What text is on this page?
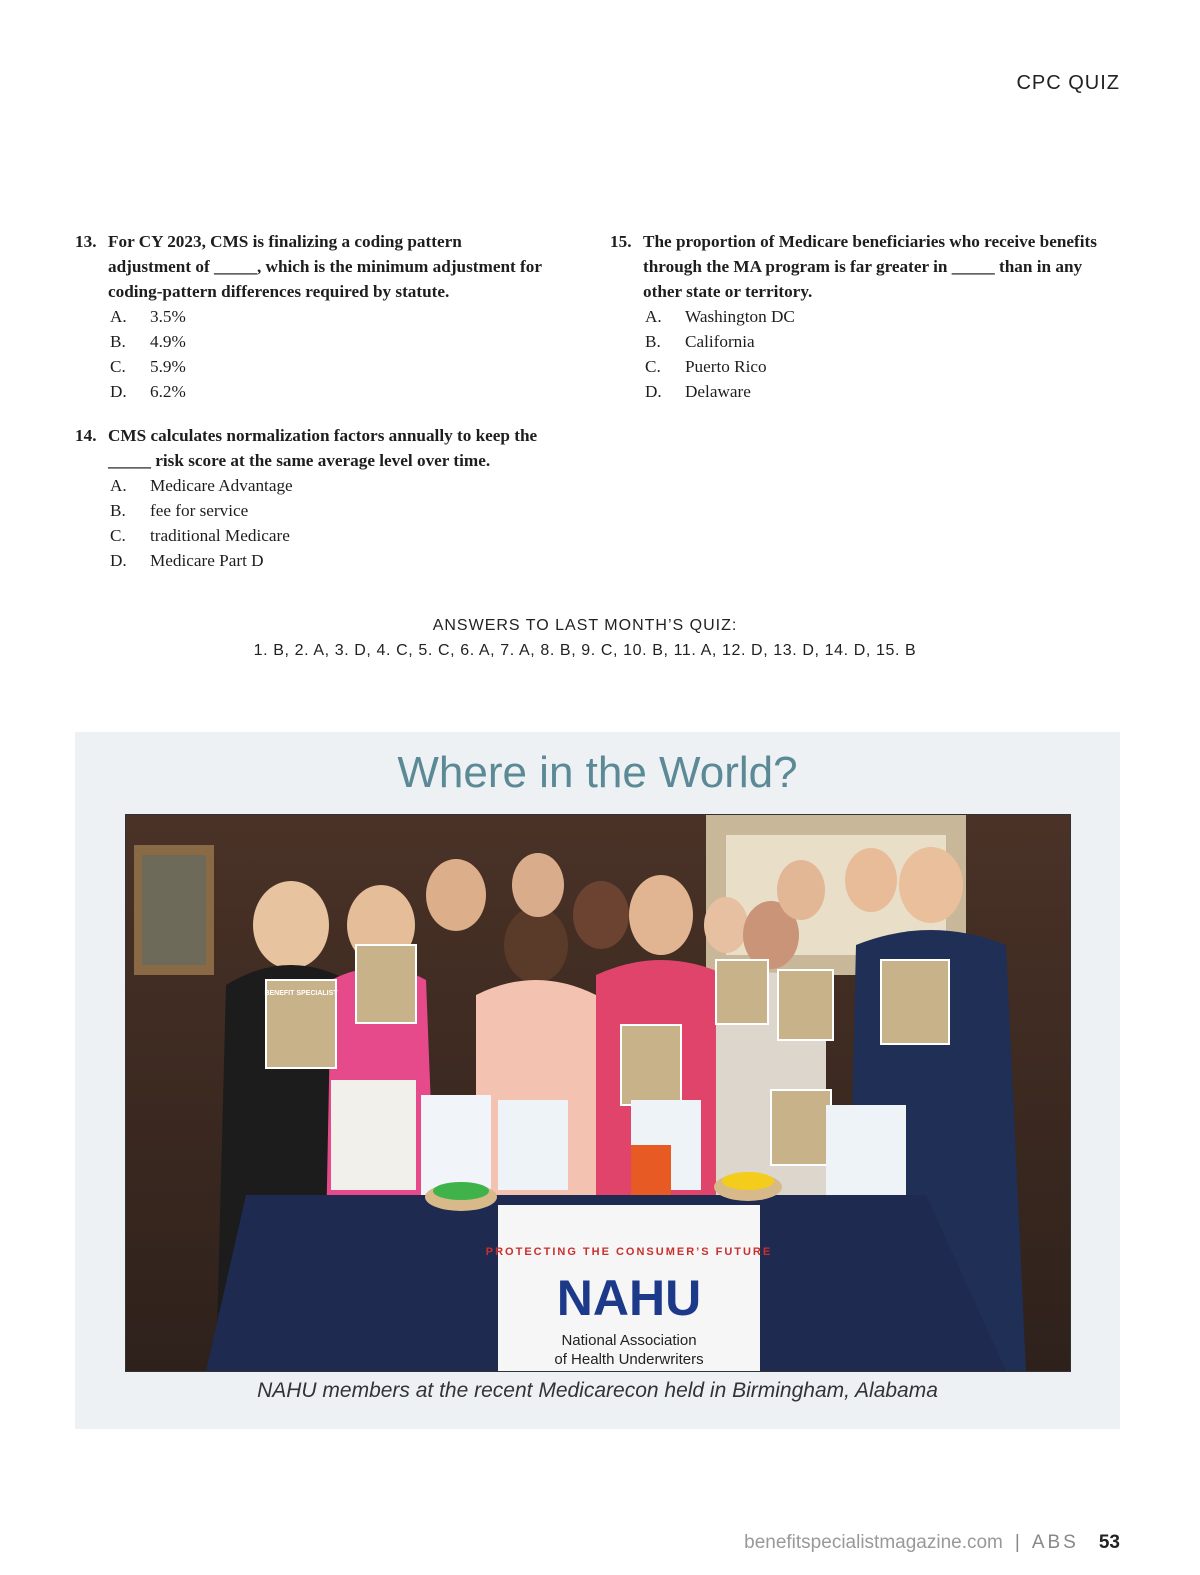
CPC QUIZ
13. For CY 2023, CMS is finalizing a coding pattern adjustment of _____, which is the minimum adjustment for coding-pattern differences required by statute.
A.	3.5%
B.	4.9%
C.	5.9%
D.	6.2%
14. CMS calculates normalization factors annually to keep the _____ risk score at the same average level over time.
A.	Medicare Advantage
B.	fee for service
C.	traditional Medicare
D.	Medicare Part D
15. The proportion of Medicare beneficiaries who receive benefits through the MA program is far greater in _____ than in any other state or territory.
A.	Washington DC
B.	California
C.	Puerto Rico
D.	Delaware
ANSWERS TO LAST MONTH’S QUIZ:
1. B, 2. A, 3. D, 4. C, 5. C, 6. A, 7. A, 8. B, 9. C, 10. B, 11. A, 12. D, 13. D, 14. D, 15. B
Where in the World?
PROTECTING THE CONSUMER’S FUTURE
NAHU
National Association
of Health Underwriters
BENEFIT SPECIALIST
NAHU members at the recent Medicarecon held in Birmingham, Alabama
benefitspecialistmagazine.com | ABS 53
